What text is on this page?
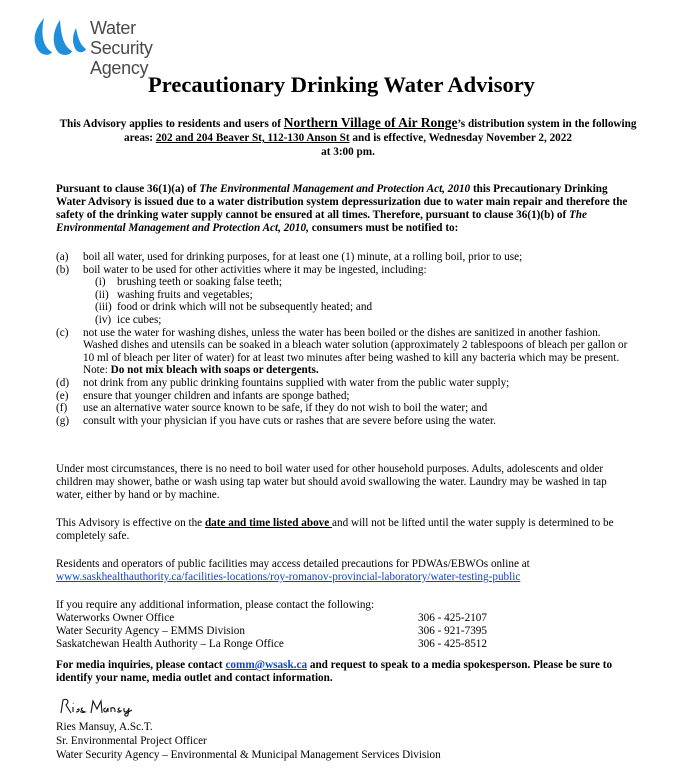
Water Security
Agency
Precautionary Drinking Water Advisory
This Advisory applies to residents and users of Northern Village of Air Ronge’s distribution system in the following areas: 202 and 204 Beaver St, 112-130 Anson St and is effective, Wednesday November 2, 2022
at 3:00 pm.
Pursuant to clause 36(1)(a) of The Environmental Management and Protection Act, 2010 this Precautionary Drinking Water Advisory is issued due to a water distribution system depressurization due to water main repair and therefore the safety of the drinking water supply cannot be ensured at all times. Therefore, pursuant to clause 36(1)(b) of The Environmental Management and Protection Act, 2010, consumers must be notified to:
(a)	boil all water, used for drinking purposes, for at least one (1) minute, at a rolling boil, prior to use;
(b)	boil water to be used for other activities where it may be ingested, including:
(i)	brushing teeth or soaking false teeth;
(ii) washing fruits and vegetables;
(iii) food or drink which will not be subsequently heated; and
(iv) ice cubes;
(c)	not use the water for washing dishes, unless the water has been boiled or the dishes are sanitized in another fashion. Washed dishes and utensils can be soaked in a bleach water solution (approximately 2 tablespoons of bleach per gallon or 10 ml of bleach per liter of water) for at least two minutes after being washed to kill any bacteria which may be present.
Note: Do not mix bleach with soaps or detergents.
(d)	not drink from any public drinking fountains supplied with water from the public water supply;
(e)	ensure that younger children and infants are sponge bathed;
(f)	use an alternative water source known to be safe, if they do not wish to boil the water; and
(g)	consult with your physician if you have cuts or rashes that are severe before using the water.
Under most circumstances, there is no need to boil water used for other household purposes. Adults, adolescents and older children may shower, bathe or wash using tap water but should avoid swallowing the water. Laundry may be washed in tap water, either by hand or by machine.
This Advisory is effective on the date and time listed above and will not be lifted until the water supply is determined to be completely safe.
Residents and operators of public facilities may access detailed precautions for PDWAs/EBWOs online at
www.saskhealthauthority.ca/facilities-locations/roy-romanov-provincial-laboratory/water-testing-public
If you require any additional information, please contact the following:
Waterworks Owner Office	306 - 425-2107
Water Security Agency – EMMS Division	306 - 921-7395
Saskatchewan Health Authority – La Ronge Office	306 - 425-8512
For media inquiries, please contact comm@wsask.ca and request to speak to a media spokesperson. Please be sure to identify your name, media outlet and contact information.
Ries Mansuy, A.Sc.T.
Sr. Environmental Project Officer
Water Security Agency – Environmental & Municipal Management Services Division
